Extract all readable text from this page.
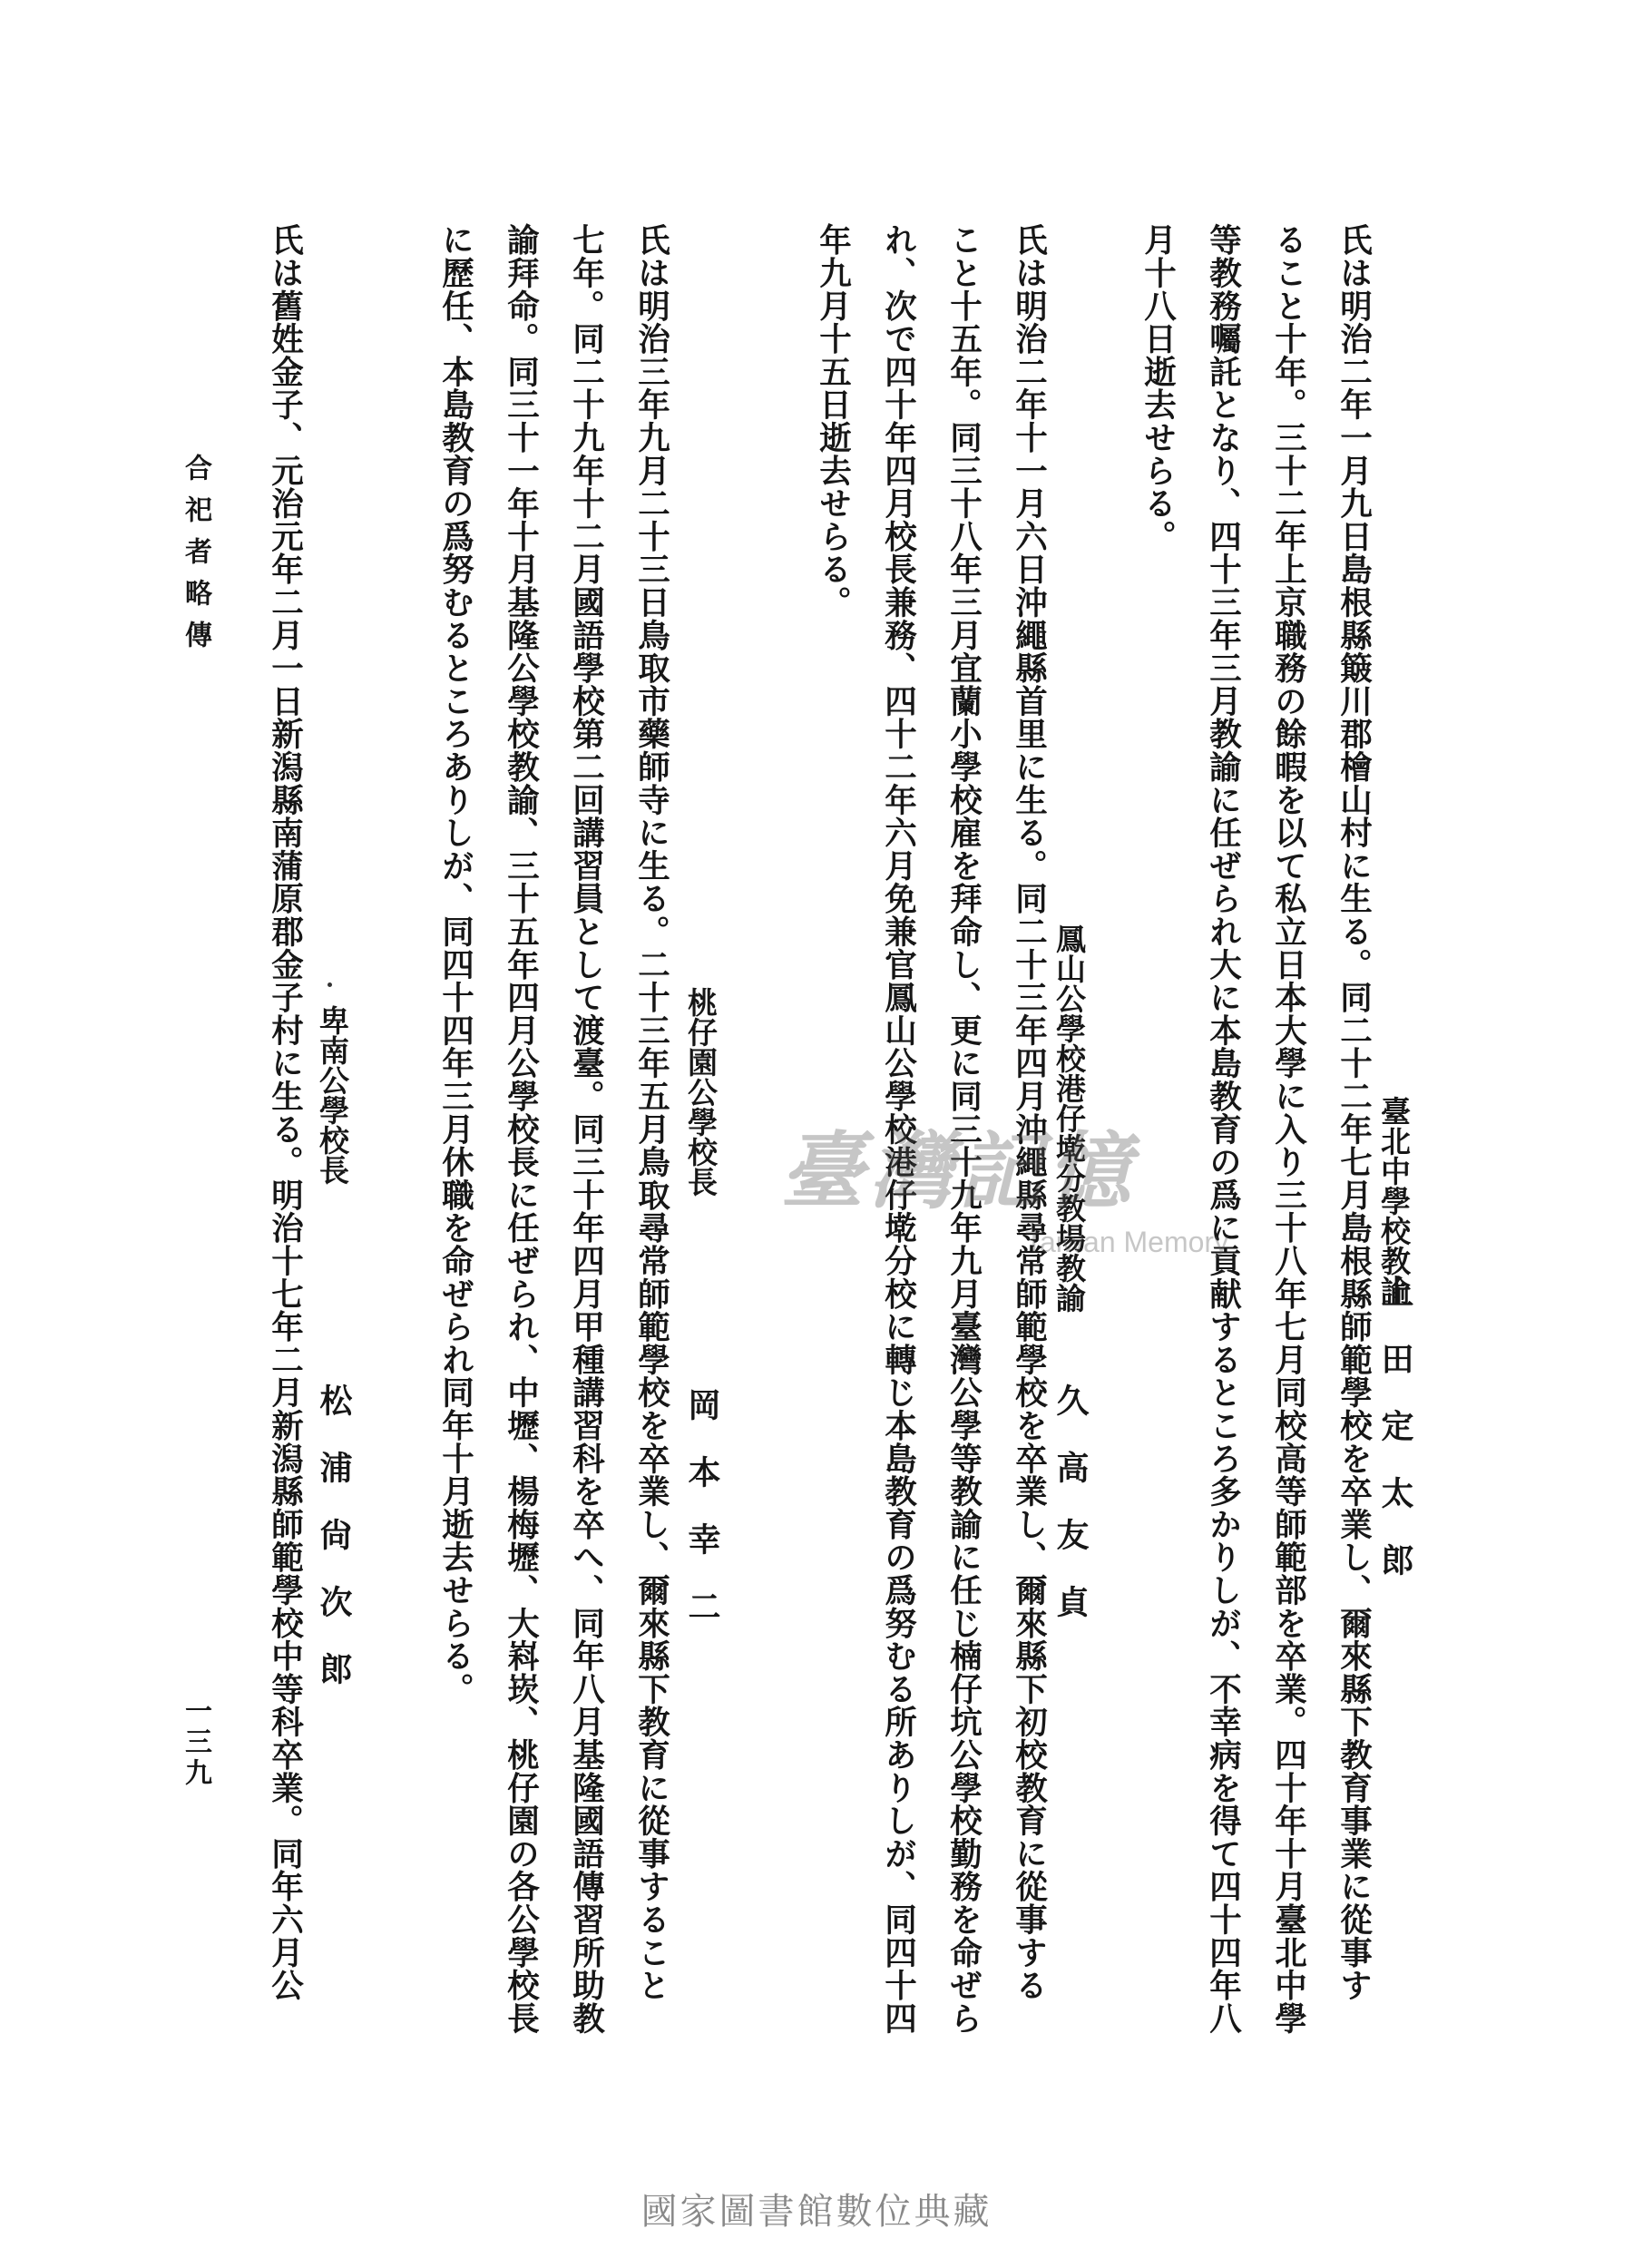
臺北中學校教諭
上田定太郎

氏は明治二年一月九日島根縣簸川郡檜山村に生る。同二十二年七月島根縣師範學校を卒業し、爾來縣下教育事業に從事す

ること十年。三十二年上京職務の餘暇を以て私立日本大學に入り三十八年七月同校高等師範部を卒業。四十年十月臺北中學

等教務囑託となり、四十三年三月教諭に任ぜられ大に本島教育の爲に貢献するところ多かりしが、不幸病を得て四十四年八

月十八日逝去せらる。

鳳山公學校港仔墘分教場教諭
久高友貞

氏は明治二年十一月六日沖繩縣首里に生る。同二十三年四月沖繩縣尋常師範學校を卒業し、爾來縣下初校教育に從事する

こと十五年。同三十八年三月宜蘭小學校雇を拜命し、更に同三十九年九月臺灣公學等教諭に任じ楠仔坑公學校勤務を命ぜら

れ、次で四十年四月校長兼務、四十二年六月免兼官鳳山公學校港仔墘分校に轉じ本島教育の爲努むる所ありしが、同四十四

年九月十五日逝去せらる。

桃仔園公學校長
岡本幸二

氏は明治三年九月二十三日鳥取市藥師寺に生る。二十三年五月鳥取尋常師範學校を卒業し、爾來縣下教育に從事すること

七年。同二十九年十二月國語學校第二回講習員として渡臺。同三十年四月甲種講習科を卒へ、同年八月基隆國語傳習所助教

諭拜命。同三十一年十月基隆公學校教諭、三十五年四月公學校長に任ぜられ、中壢、楊梅壢、大嵙崁、桃仔園の各公學校長

に歷任、本島教育の爲努むるところありしが、同四十四年三月休職を命ぜられ同年十月逝去せらる。

卑南公學校長
松浦尙次郎

氏は舊姓金子、元治元年二月一日新潟縣南蒲原郡金子村に生る。明治十七年二月新潟縣師範學校中等科卒業。同年六月公

合祀者略傳
一三九
臺灣記憶
Taiwan Memory
國家圖書館數位典藏
